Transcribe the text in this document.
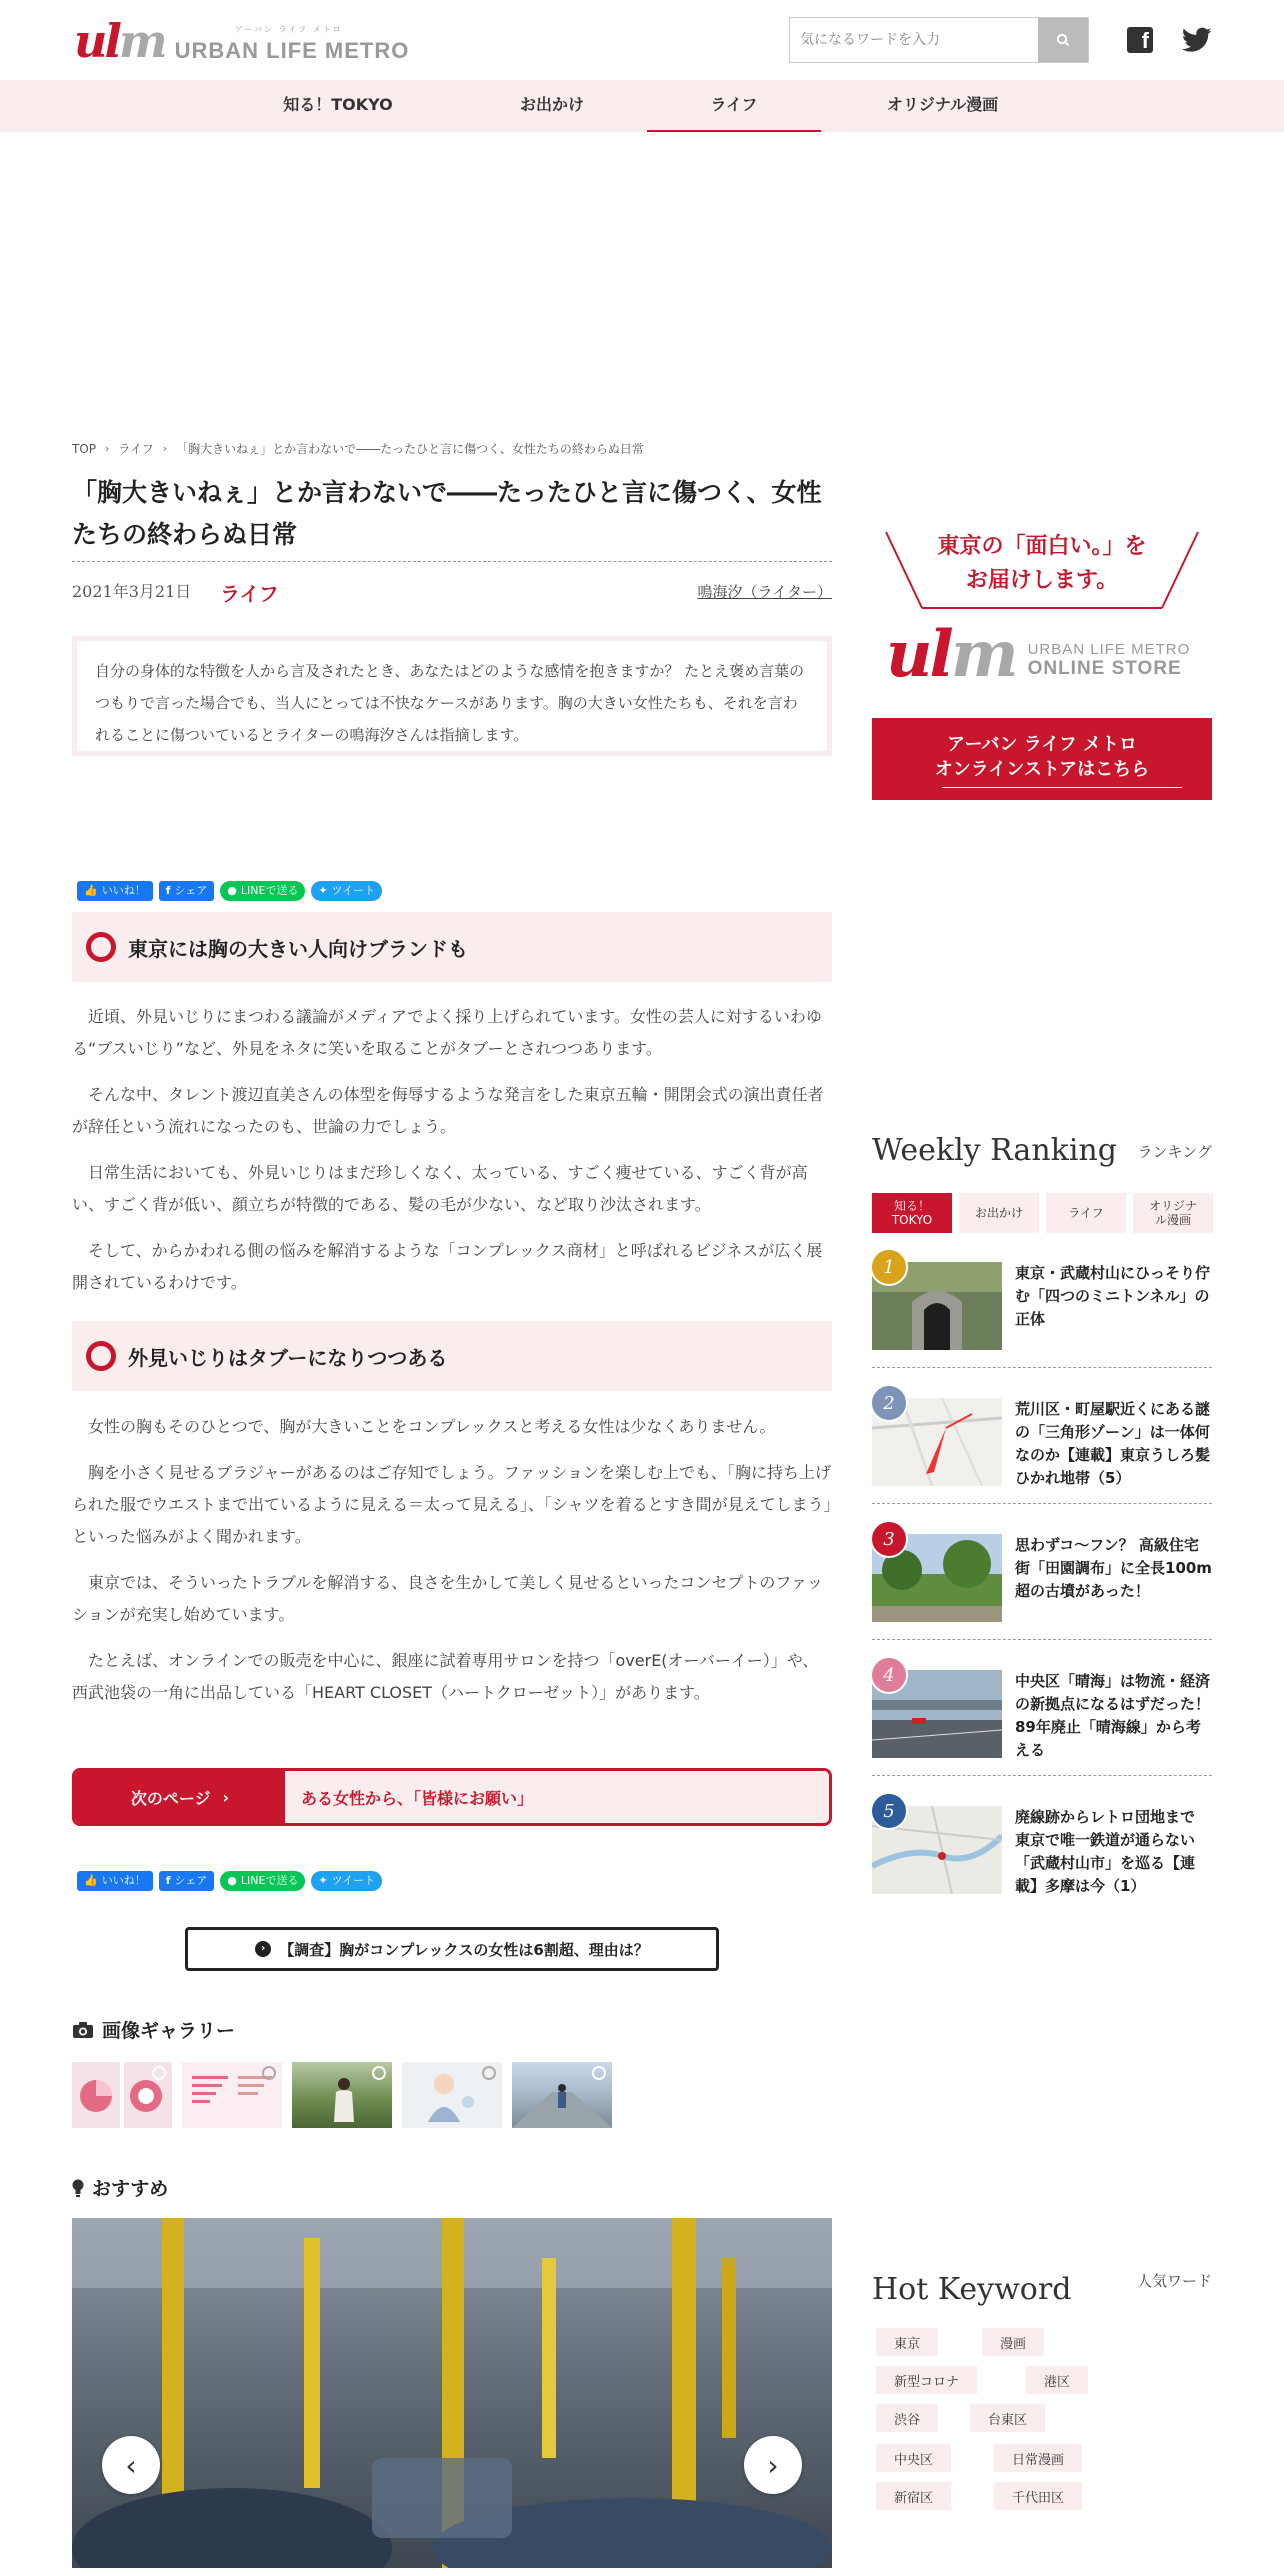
ulm	アーバン ライフ メトロ
URBAN LIFE METRO
気になるワードを入力	f
知る！TOKYO	お出かけ	ライフ	オリジナル漫画
TOP › ライフ › 「胸大きいねぇ」とか言わないで――たったひと言に傷つく、女性たちの終わらぬ日常
「胸大きいねぇ」とか言わないで――たったひと言に傷つく、女性たちの終わらぬ日常
2021年3月21日 ライフ	鳴海汐（ライター）
自分の身体的な特徴を人から言及されたとき、あなたはどのような感情を抱きますか？ たとえ褒め言葉のつもりで言った場合でも、当人にとっては不快なケースがあります。胸の大きい女性たちも、それを言われることに傷ついているとライターの鳴海汐さんは指摘します。
👍 いいね！ f シェア ● LINEで送る ✦ ツイート
東京には胸の大きい人向けブランドも

近頃、外見いじりにまつわる議論がメディアでよく採り上げられています。女性の芸人に対するいわゆる“ブスいじり”など、外見をネタに笑いを取ることがタブーとされつつあります。

そんな中、タレント渡辺直美さんの体型を侮辱するような発言をした東京五輪・開閉会式の演出責任者が辞任という流れになったのも、世論の力でしょう。

日常生活においても、外見いじりはまだ珍しくなく、太っている、すごく痩せている、すごく背が高い、すごく背が低い、顔立ちが特徴的である、髪の毛が少ない、など取り沙汰されます。

そして、からかわれる側の悩みを解消するような「コンプレックス商材」と呼ばれるビジネスが広く展開されているわけです。

外見いじりはタブーになりつつある

女性の胸もそのひとつで、胸が大きいことをコンプレックスと考える女性は少なくありません。

胸を小さく見せるブラジャーがあるのはご存知でしょう。ファッションを楽しむ上でも、「胸に持ち上げられた服でウエストまで出ているように見える＝太って見える」、「シャツを着るとすき間が見えてしまう」といった悩みがよく聞かれます。

東京では、そういったトラブルを解消する、良さを生かして美しく見せるといったコンセプトのファッションが充実し始めています。

たとえば、オンラインでの販売を中心に、銀座に試着専用サロンを持つ「overE(オーバーイー）」や、西武池袋の一角に出品している「HEART CLOSET（ハートクローゼット）」があります。

次のページ ›	ある女性から、「皆様にお願い」
👍 いいね！ f シェア ● LINEで送る ✦ ツイート
› 【調査】胸がコンプレックスの女性は6割超、理由は？
画像ギャラリー
おすすめ
‹	›
東京の「面白い。」を
お届けします。
ulm URBAN LIFE METRO
ONLINE STORE
アーバン ライフ メトロ
オンラインストアはこちら
Weekly Ranking ランキング
知る！TOKYO	お出かけ	ライフ	オリジナル漫画
1	東京・武蔵村山にひっそり佇む「四つのミニトンネル」の正体
2	荒川区・町屋駅近くにある謎の「三角形ゾーン」は一体何なのか【連載】東京うしろ髪ひかれ地帯（5）
3	思わずコ～フン？ 高級住宅街「田園調布」に全長100m超の古墳があった！
4	中央区「晴海」は物流・経済の新拠点になるはずだった！ 89年廃止「晴海線」から考える
5	廃線跡からレトロ団地まで　東京で唯一鉄道が通らない「武蔵村山市」を巡る【連載】多摩は今（1）
Hot Keyword	人気ワード
東京	漫画
新型コロナ	港区
渋谷	台東区
中央区	日常漫画
新宿区	千代田区
